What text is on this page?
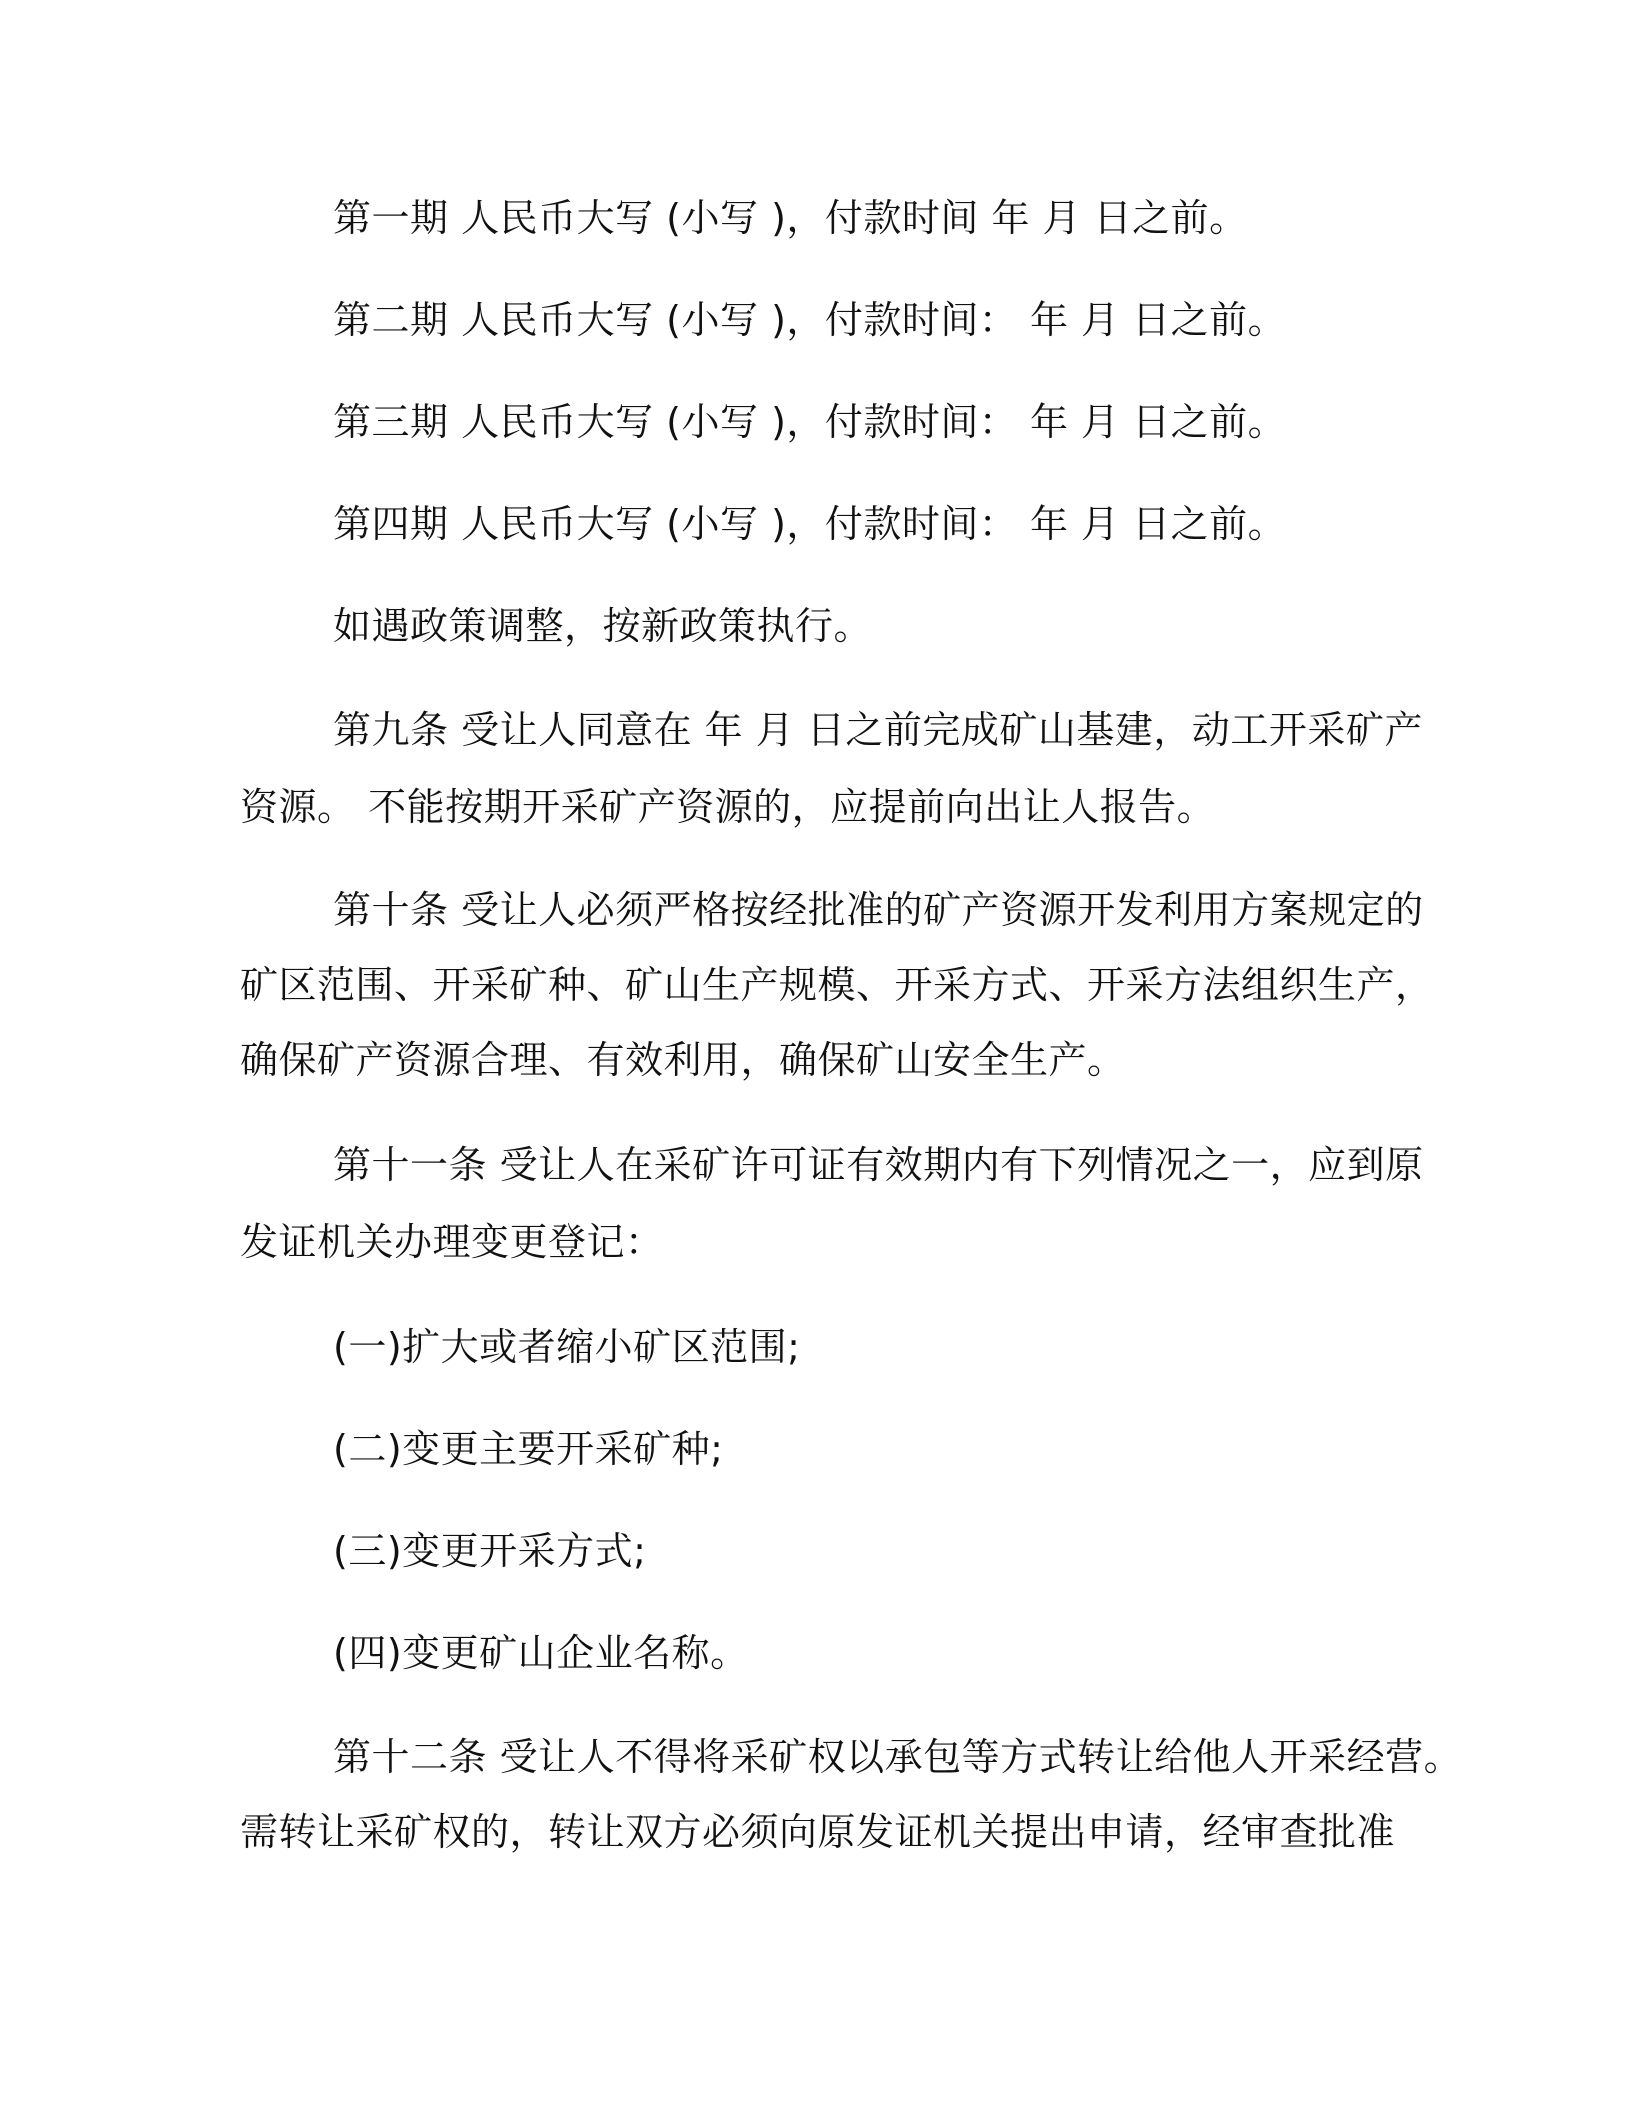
第一期 人民币大写 (小写 )，付款时间 年 月 日之前。
第二期 人民币大写 (小写 )，付款时间： 年 月 日之前。
第三期 人民币大写 (小写 )，付款时间： 年 月 日之前。
第四期 人民币大写 (小写 )，付款时间： 年 月 日之前。
如遇政策调整，按新政策执行。
第九条 受让人同意在 年 月 日之前完成矿山基建，动工开采矿产
资源。 不能按期开采矿产资源的，应提前向出让人报告。
第十条 受让人必须严格按经批准的矿产资源开发利用方案规定的
矿区范围、开采矿种、矿山生产规模、开采方式、开采方法组织生产，
确保矿产资源合理、有效利用，确保矿山安全生产。
第十一条 受让人在采矿许可证有效期内有下列情况之一，应到原
发证机关办理变更登记：
(一)扩大或者缩小矿区范围;
(二)变更主要开采矿种;
(三)变更开采方式;
(四)变更矿山企业名称。
第十二条 受让人不得将采矿权以承包等方式转让给他人开采经营。
需转让采矿权的，转让双方必须向原发证机关提出申请，经审查批准
